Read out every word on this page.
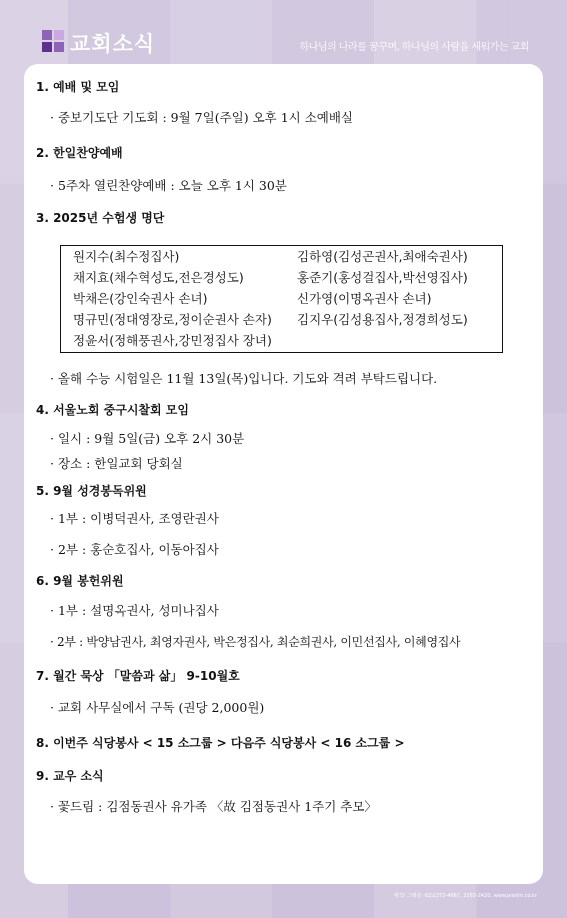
교회소식	하나님의 나라를 꿈꾸며, 하나님의 사람을 세워가는 교회
1. 예배 및 모임
· 중보기도단 기도회 : 9월 7일(주일) 오후 1시 소예배실
2. 한일찬양예배
· 5주차 열린찬양예배 : 오늘 오후 1시 30분
3. 2025년 수험생 명단
원지수(최수정집사)
채지효(채수혁성도,전은경성도)
박채은(강인숙권사 손녀)
명규민(정대영장로,정이순권사 손자)
정윤서(정해풍권사,강민정집사 장녀)
김하영(김성곤권사,최애숙권사)
홍준기(홍성걸집사,박선영집사)
신가영(이명옥권사 손녀)
김지우(김성용집사,정경희성도)
· 올해 수능 시험일은 11월 13일(목)입니다. 기도와 격려 부탁드립니다.
4. 서울노회 중구시찰회 모임
· 일시 : 9월 5일(금) 오후 2시 30분
· 장소 : 한일교회 당회실
5. 9월 성경봉독위원
· 1부 : 이병덕권사, 조영란권사
· 2부 : 홍순호집사, 이동아집사
6. 9월 봉헌위원
· 1부 : 설명옥권사, 성미나집사
· 2부 : 박양남권사, 최영자권사, 박은정집사, 최순희권사, 이민선집사, 이혜영집사
7. 월간 묵상 「말씀과 삶」 9-10월호
· 교회 사무실에서 구독 (권당 2,000원)
8. 이번주 식당봉사 < 15 소그룹 > 다음주 식당봉사 < 16 소그룹 >
9. 교우 소식
· 꽃드림 : 김점동권사 유가족 〈故 김점동권사 1주기 추모〉
제작/ 그레삼: 02)2272-4667, 2265-2420, www.jeislim.co.kr
